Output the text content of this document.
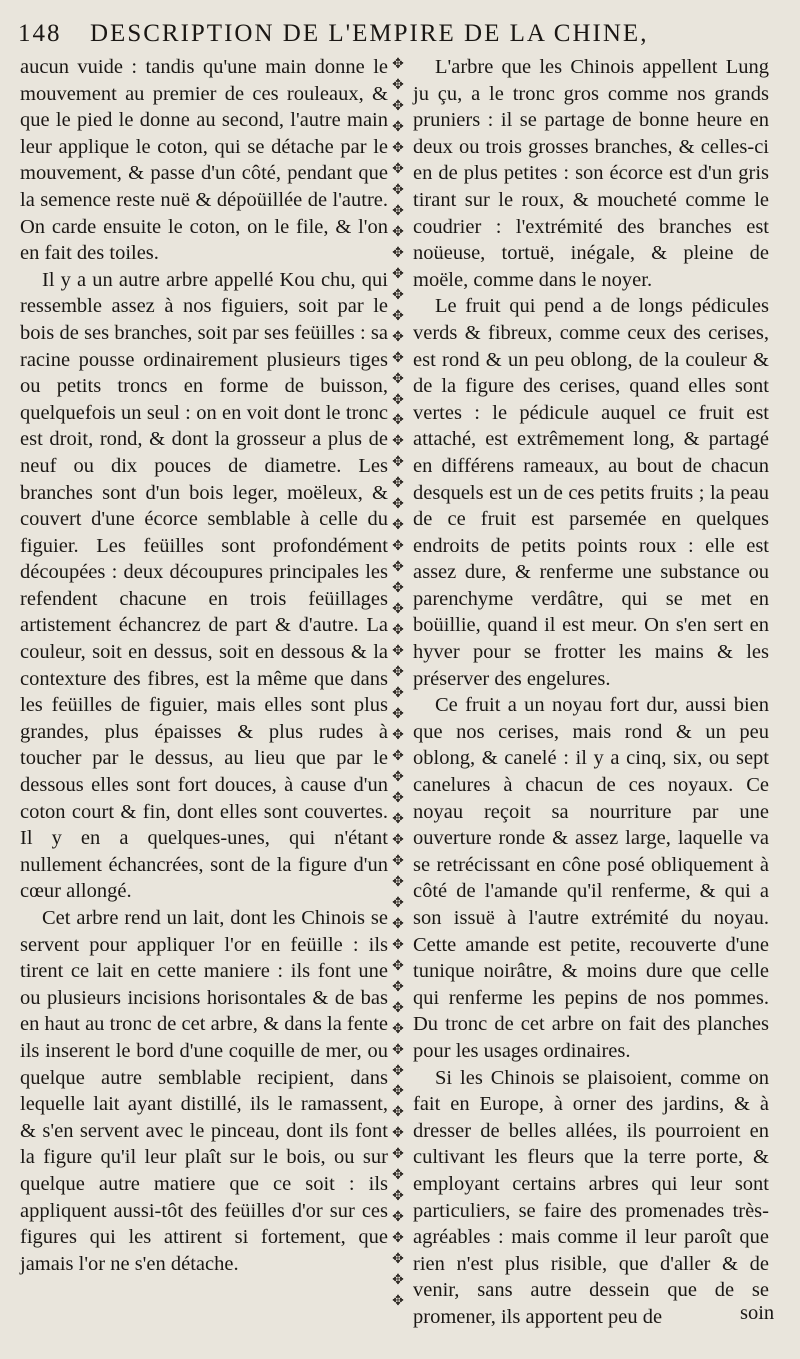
148 DESCRIPTION DE L'EMPIRE DE LA CHINE,

aucun vuide : tandis qu'une main donne le mouvement au premier de ces rouleaux, & que le pied le donne au second, l'autre main leur applique le coton, qui se détache par le mouvement, & passe d'un côté, pendant que la semence reste nuë & dépoüillée de l'autre. On carde ensuite le coton, on le file, & l'on en fait des toiles.

Il y a un autre arbre appellé Kou chu, qui ressemble assez à nos figuiers, soit par le bois de ses branches, soit par ses feüilles : sa racine pousse ordinairement plusieurs tiges ou petits troncs en forme de buisson, quelquefois un seul : on en voit dont le tronc est droit, rond, & dont la grosseur a plus de neuf ou dix pouces de diametre. Les branches sont d'un bois leger, moëleux, & couvert d'une écorce semblable à celle du figuier. Les feüilles sont profondément découpées : deux découpures principales les refendent chacune en trois feüillages artistement échancrez de part & d'autre. La couleur, soit en dessus, soit en dessous & la contexture des fibres, est la même que dans les feüilles de figuier, mais elles sont plus grandes, plus épaisses & plus rudes à toucher par le dessus, au lieu que par le dessous elles sont fort douces, à cause d'un coton court & fin, dont elles sont couvertes. Il y en a quelques-unes, qui n'étant nullement échancrées, sont de la figure d'un cœur allongé.

Cet arbre rend un lait, dont les Chinois se servent pour appliquer l'or en feüille : ils tirent ce lait en cette maniere : ils font une ou plusieurs incisions horisontales & de bas en haut au tronc de cet arbre, & dans la fente ils inserent le bord d'une coquille de mer, ou quelque autre semblable recipient, dans lequelle lait ayant distillé, ils le ramassent, & s'en servent avec le pinceau, dont ils font la figure qu'il leur plaît sur le bois, ou sur quelque autre matiere que ce soit : ils appliquent aussi-tôt des feüilles d'or sur ces figures qui les attirent si fortement, que jamais l'or ne s'en détache.

✥
✥
✥
✥
✥
✥
✥
✥
✥
✥
✥
✥
✥
✥
✥
✥
✥
✥
✥
✥
✥
✥
✥
✥
✥
✥
✥
✥
✥
✥
✥
✥
✥
✥
✥
✥
✥
✥
✥
✥
✥
✥
✥
✥
✥
✥
✥
✥
✥
✥
✥
✥
✥
✥
✥
✥
✥
✥
✥
✥

L'arbre que les Chinois appellent Lung ju çu, a le tronc gros comme nos grands pruniers : il se partage de bonne heure en deux ou trois grosses branches, & celles-ci en de plus petites : son écorce est d'un gris tirant sur le roux, & moucheté comme le coudrier : l'extrémité des branches est noüeuse, tortuë, inégale, & pleine de moële, comme dans le noyer.

Le fruit qui pend a de longs pédicules verds & fibreux, comme ceux des cerises, est rond & un peu oblong, de la couleur & de la figure des cerises, quand elles sont vertes : le pédicule auquel ce fruit est attaché, est extrêmement long, & partagé en différens rameaux, au bout de chacun desquels est un de ces petits fruits ; la peau de ce fruit est parsemée en quelques endroits de petits points roux : elle est assez dure, & renferme une substance ou parenchyme verdâtre, qui se met en boüillie, quand il est meur. On s'en sert en hyver pour se frotter les mains & les préserver des engelures.

Ce fruit a un noyau fort dur, aussi bien que nos cerises, mais rond & un peu oblong, & canelé : il y a cinq, six, ou sept canelures à chacun de ces noyaux. Ce noyau reçoit sa nourriture par une ouverture ronde & assez large, laquelle va se retrécissant en cône posé obliquement à côté de l'amande qu'il renferme, & qui a son issuë à l'autre extrémité du noyau. Cette amande est petite, recouverte d'une tunique noirâtre, & moins dure que celle qui renferme les pepins de nos pommes. Du tronc de cet arbre on fait des planches pour les usages ordinaires.

Si les Chinois se plaisoient, comme on fait en Europe, à orner des jardins, & à dresser de belles allées, ils pourroient en cultivant les fleurs que la terre porte, & employant certains arbres qui leur sont particuliers, se faire des promenades très-agréables : mais comme il leur paroît que rien n'est plus risible, que d'aller & de venir, sans autre dessein que de se promener, ils apportent peu de	soin
